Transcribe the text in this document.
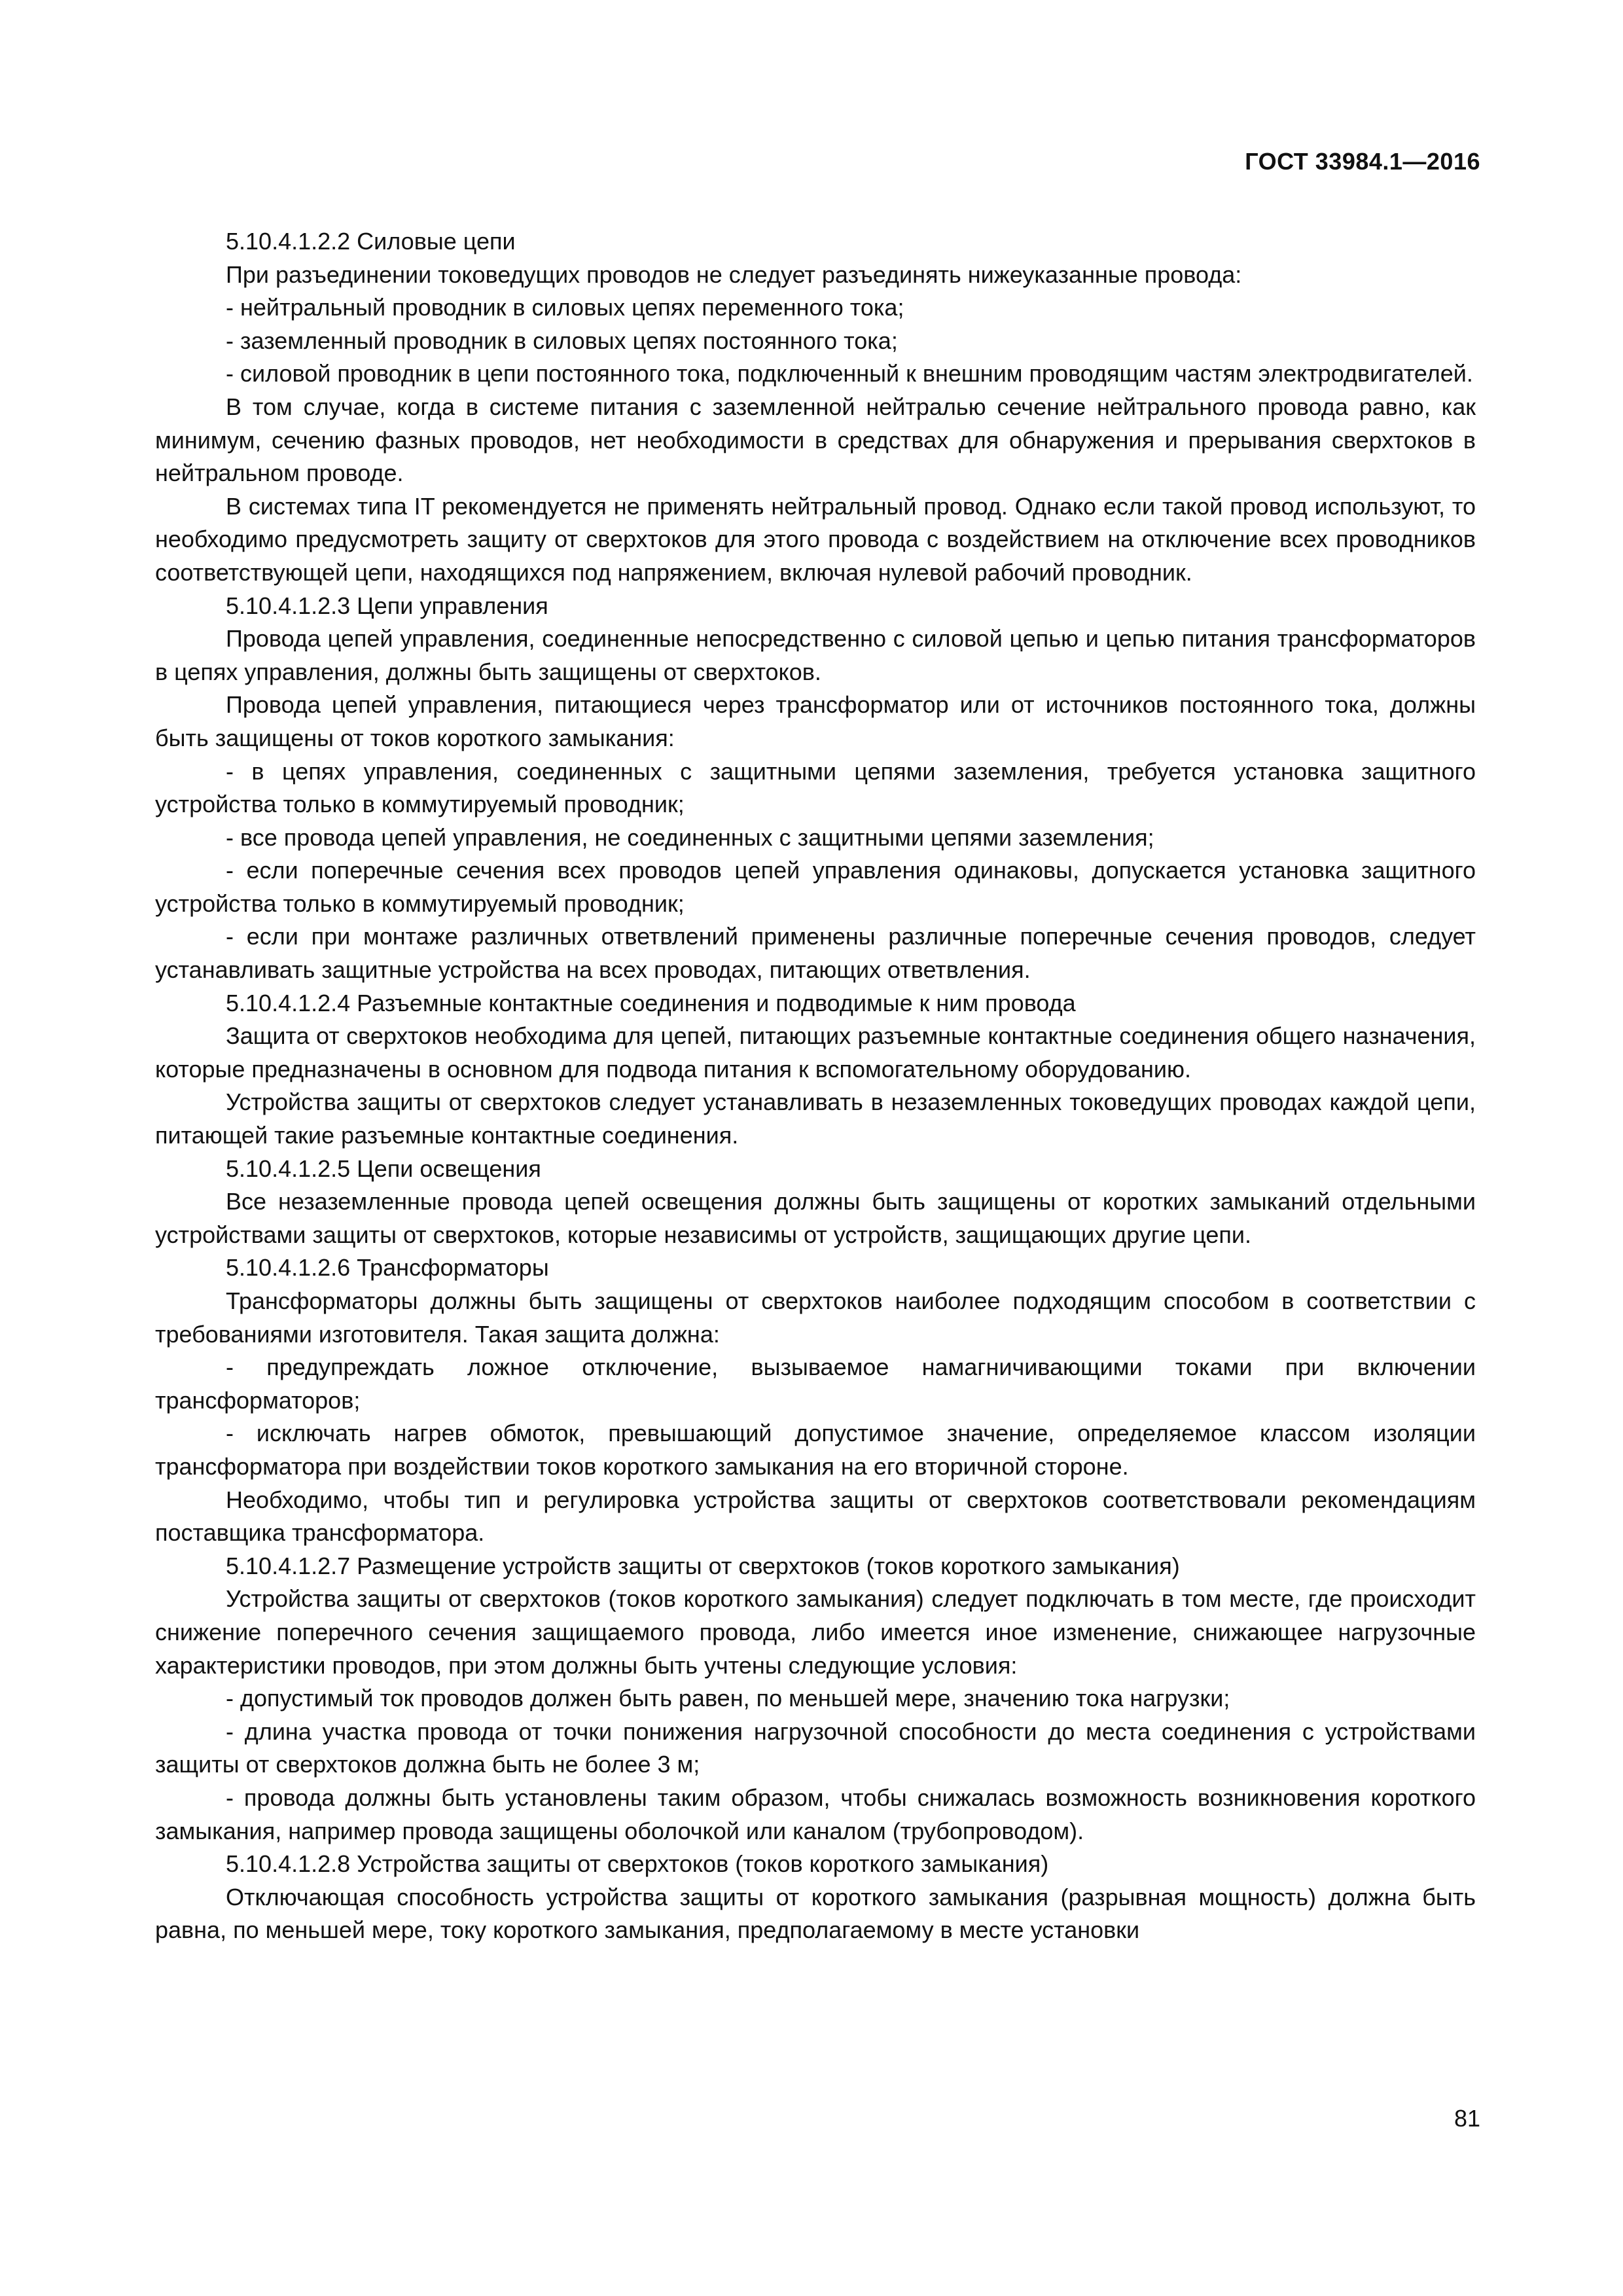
ГОСТ 33984.1—2016

5.10.4.1.2.2 Силовые цепи

При разъединении токоведущих проводов не следует разъединять нижеуказанные провода:

- нейтральный проводник в силовых цепях переменного тока;

- заземленный проводник в силовых цепях постоянного тока;

- силовой проводник в цепи постоянного тока, подключенный к внешним проводящим частям электродвигателей.

В том случае, когда в системе питания с заземленной нейтралью сечение нейтрального провода равно, как минимум, сечению фазных проводов, нет необходимости в средствах для обнаружения и прерывания сверхтоков в нейтральном проводе.

В системах типа IT рекомендуется не применять нейтральный провод. Однако если такой провод используют, то необходимо предусмотреть защиту от сверхтоков для этого провода с воздействием на отключение всех проводников соответствующей цепи, находящихся под напряжением, включая нулевой рабочий проводник.

5.10.4.1.2.3 Цепи управления

Провода цепей управления, соединенные непосредственно с силовой цепью и цепью питания трансформаторов в цепях управления, должны быть защищены от сверхтоков.

Провода цепей управления, питающиеся через трансформатор или от источников постоянного тока, должны быть защищены от токов короткого замыкания:

- в цепях управления, соединенных с защитными цепями заземления, требуется установка защитного устройства только в коммутируемый проводник;

- все провода цепей управления, не соединенных с защитными цепями заземления;

- если поперечные сечения всех проводов цепей управления одинаковы, допускается установка защитного устройства только в коммутируемый проводник;

- если при монтаже различных ответвлений применены различные поперечные сечения проводов, следует устанавливать защитные устройства на всех проводах, питающих ответвления.

5.10.4.1.2.4 Разъемные контактные соединения и подводимые к ним провода

Защита от сверхтоков необходима для цепей, питающих разъемные контактные соединения общего назначения, которые предназначены в основном для подвода питания к вспомогательному оборудованию.

Устройства защиты от сверхтоков следует устанавливать в незаземленных токоведущих проводах каждой цепи, питающей такие разъемные контактные соединения.

5.10.4.1.2.5 Цепи освещения

Все незаземленные провода цепей освещения должны быть защищены от коротких замыканий отдельными устройствами защиты от сверхтоков, которые независимы от устройств, защищающих другие цепи.

5.10.4.1.2.6 Трансформаторы

Трансформаторы должны быть защищены от сверхтоков наиболее подходящим способом в соответствии с требованиями изготовителя. Такая защита должна:

- предупреждать ложное отключение, вызываемое намагничивающими токами при включении трансформаторов;

- исключать нагрев обмоток, превышающий допустимое значение, определяемое классом изоляции трансформатора при воздействии токов короткого замыкания на его вторичной стороне.

Необходимо, чтобы тип и регулировка устройства защиты от сверхтоков соответствовали рекомендациям поставщика трансформатора.

5.10.4.1.2.7 Размещение устройств защиты от сверхтоков (токов короткого замыкания)

Устройства защиты от сверхтоков (токов короткого замыкания) следует подключать в том месте, где происходит снижение поперечного сечения защищаемого провода, либо имеется иное изменение, снижающее нагрузочные характеристики проводов, при этом должны быть учтены следующие условия:

- допустимый ток проводов должен быть равен, по меньшей мере, значению тока нагрузки;

- длина участка провода от точки понижения нагрузочной способности до места соединения с устройствами защиты от сверхтоков должна быть не более 3 м;

- провода должны быть установлены таким образом, чтобы снижалась возможность возникновения короткого замыкания, например провода защищены оболочкой или каналом (трубопроводом).

5.10.4.1.2.8 Устройства защиты от сверхтоков (токов короткого замыкания)

Отключающая способность устройства защиты от короткого замыкания (разрывная мощность) должна быть равна, по меньшей мере, току короткого замыкания, предполагаемому в месте установки

81
